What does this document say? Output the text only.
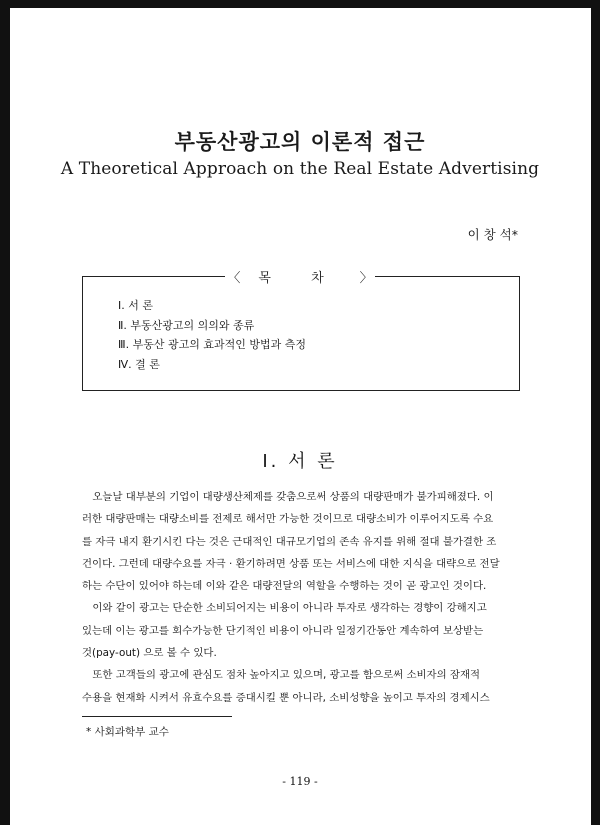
부동산광고의 이론적 접근
A Theoretical Approach on the Real Estate Advertising
이 창 석*
〈 목 차 〉
Ⅰ. 서 론
Ⅱ. 부동산광고의 의의와 종류
Ⅲ. 부동산 광고의 효과적인 방법과 측정
Ⅳ. 결 론
Ⅰ. 서 론
오늘날 대부분의 기업이 대량생산체제를 갖춤으로써 상품의 대량판매가 불가피해졌다. 이
러한 대량판매는 대량소비를 전제로 해서만 가능한 것이므로 대량소비가 이루어지도록 수요
를 자극 내지 환기시킨 다는 것은 근대적인 대규모기업의 존속 유지를 위해 절대 불가결한 조
건이다. 그런데 대량수요를 자극 · 환기하려면 상품 또는 서비스에 대한 지식을 대략으로 전달
하는 수단이 있어야 하는데 이와 같은 대량전달의 역할을 수행하는 것이 곧 광고인 것이다.
이와 같이 광고는 단순한 소비되어지는 비용이 아니라 투자로 생각하는 경향이 강해지고
있는데 이는 광고를 회수가능한 단기적인 비용이 아니라 일정기간동안 계속하여 보상받는
것(pay-out) 으로 볼 수 있다.
또한 고객들의 광고에 관심도 점차 높아지고 있으며, 광고를 함으로써 소비자의 잠재적
수용을 현재화 시켜서 유효수요를 증대시킬 뿐 아니라, 소비성향을 높이고 투자의 경제시스
* 사회과학부 교수
- 119 -
